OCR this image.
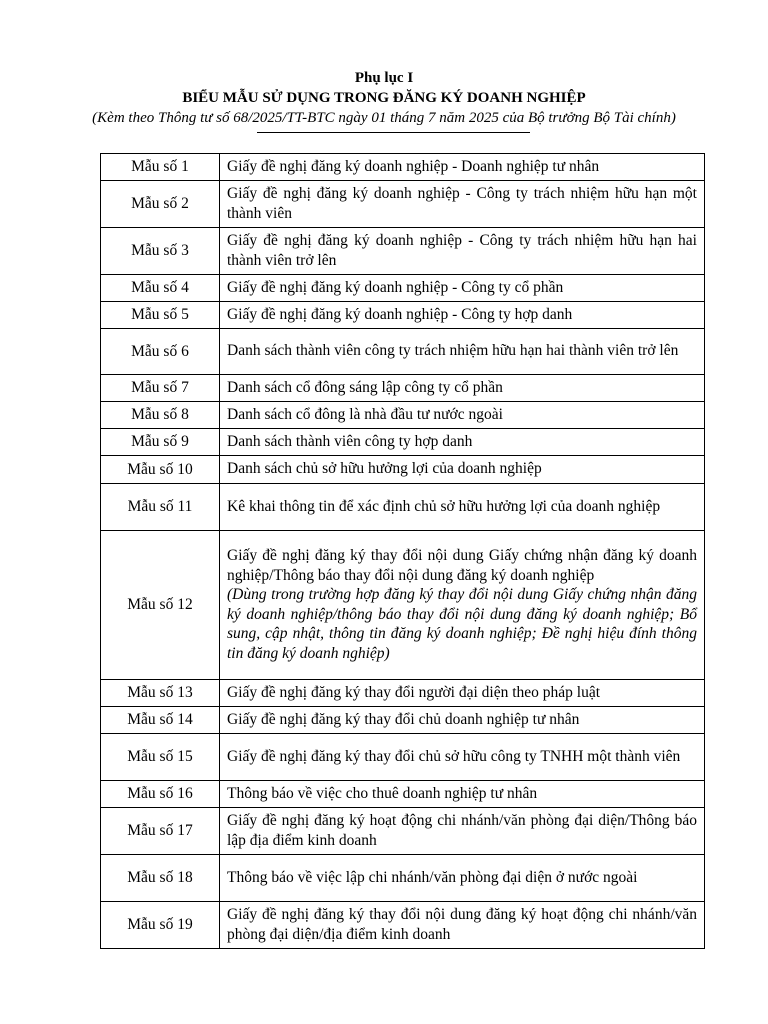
Phụ lục I
BIỂU MẪU SỬ DỤNG TRONG ĐĂNG KÝ DOANH NGHIỆP
(Kèm theo Thông tư số 68/2025/TT-BTC ngày 01 tháng 7 năm 2025 của Bộ trưởng Bộ Tài chính)
Mẫu số 1	Giấy đề nghị đăng ký doanh nghiệp - Doanh nghiệp tư nhân
Mẫu số 2	Giấy đề nghị đăng ký doanh nghiệp - Công ty trách nhiệm hữu hạn một thành viên
Mẫu số 3	Giấy đề nghị đăng ký doanh nghiệp - Công ty trách nhiệm hữu hạn hai thành viên trở lên
Mẫu số 4	Giấy đề nghị đăng ký doanh nghiệp - Công ty cổ phần
Mẫu số 5	Giấy đề nghị đăng ký doanh nghiệp - Công ty hợp danh
Mẫu số 6	Danh sách thành viên công ty trách nhiệm hữu hạn hai thành viên trở lên
Mẫu số 7	Danh sách cổ đông sáng lập công ty cổ phần
Mẫu số 8	Danh sách cổ đông là nhà đầu tư nước ngoài
Mẫu số 9	Danh sách thành viên công ty hợp danh
Mẫu số 10	Danh sách chủ sở hữu hưởng lợi của doanh nghiệp
Mẫu số 11	Kê khai thông tin để xác định chủ sở hữu hưởng lợi của doanh nghiệp
Mẫu số 12	Giấy đề nghị đăng ký thay đổi nội dung Giấy chứng nhận đăng ký doanh nghiệp/Thông báo thay đổi nội dung đăng ký doanh nghiệp
(Dùng trong trường hợp đăng ký thay đổi nội dung Giấy chứng nhận đăng ký doanh nghiệp/thông báo thay đổi nội dung đăng ký doanh nghiệp; Bổ sung, cập nhật, thông tin đăng ký doanh nghiệp; Đề nghị hiệu đính thông tin đăng ký doanh nghiệp)

Mẫu số 13	Giấy đề nghị đăng ký thay đổi người đại diện theo pháp luật
Mẫu số 14	Giấy đề nghị đăng ký thay đổi chủ doanh nghiệp tư nhân
Mẫu số 15	Giấy đề nghị đăng ký thay đổi chủ sở hữu công ty TNHH một thành viên
Mẫu số 16	Thông báo về việc cho thuê doanh nghiệp tư nhân
Mẫu số 17	Giấy đề nghị đăng ký hoạt động chi nhánh/văn phòng đại diện/Thông báo lập địa điểm kinh doanh
Mẫu số 18	Thông báo về việc lập chi nhánh/văn phòng đại diện ở nước ngoài
Mẫu số 19	Giấy đề nghị đăng ký thay đổi nội dung đăng ký hoạt động chi nhánh/văn phòng đại diện/địa điểm kinh doanh
